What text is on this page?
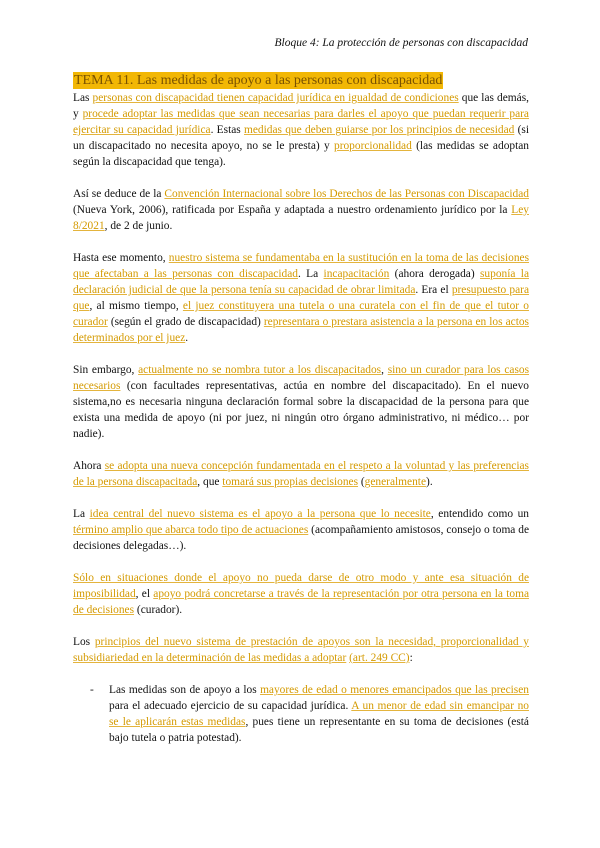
Bloque 4: La protección de personas con discapacidad
TEMA 11. Las medidas de apoyo a las personas con discapacidad

Las personas con discapacidad tienen capacidad jurídica en igualdad de condiciones que las demás, y procede adoptar las medidas que sean necesarias para darles el apoyo que puedan requerir para ejercitar su capacidad jurídica. Estas medidas que deben guiarse por los principios de necesidad (si un discapacitado no necesita apoyo, no se le presta) y proporcionalidad (las medidas se adoptan según la discapacidad que tenga).

Así se deduce de la Convención Internacional sobre los Derechos de las Personas con Discapacidad (Nueva York, 2006), ratificada por España y adaptada a nuestro ordenamiento jurídico por la Ley 8/2021, de 2 de junio.

Hasta ese momento, nuestro sistema se fundamentaba en la sustitución en la toma de las decisiones que afectaban a las personas con discapacidad. La incapacitación (ahora derogada) suponía la declaración judicial de que la persona tenía su capacidad de obrar limitada. Era el presupuesto para que, al mismo tiempo, el juez constituyera una tutela o una curatela con el fin de que el tutor o curador (según el grado de discapacidad) representara o prestara asistencia a la persona en los actos determinados por el juez.

Sin embargo, actualmente no se nombra tutor a los discapacitados, sino un curador para los casos necesarios (con facultades representativas, actúa en nombre del discapacitado). En el nuevo sistema,no es necesaria ninguna declaración formal sobre la discapacidad de la persona para que exista una medida de apoyo (ni por juez, ni ningún otro órgano administrativo, ni médico… por nadie).

Ahora se adopta una nueva concepción fundamentada en el respeto a la voluntad y las preferencias de la persona discapacitada, que tomará sus propias decisiones (generalmente).

La idea central del nuevo sistema es el apoyo a la persona que lo necesite, entendido como un término amplio que abarca todo tipo de actuaciones (acompañamiento amistosos, consejo o toma de decisiones delegadas…).

Sólo en situaciones donde el apoyo no pueda darse de otro modo y ante esa situación de imposibilidad, el apoyo podrá concretarse a través de la representación por otra persona en la toma de decisiones (curador).

Los principios del nuevo sistema de prestación de apoyos son la necesidad, proporcionalidad y subsidiariedad en la determinación de las medidas a adoptar (art. 249 CC):

- Las medidas son de apoyo a los mayores de edad o menores emancipados que las precisen para el adecuado ejercicio de su capacidad jurídica. A un menor de edad sin emancipar no se le aplicarán estas medidas, pues tiene un representante en su toma de decisiones (está bajo tutela o patria potestad).
